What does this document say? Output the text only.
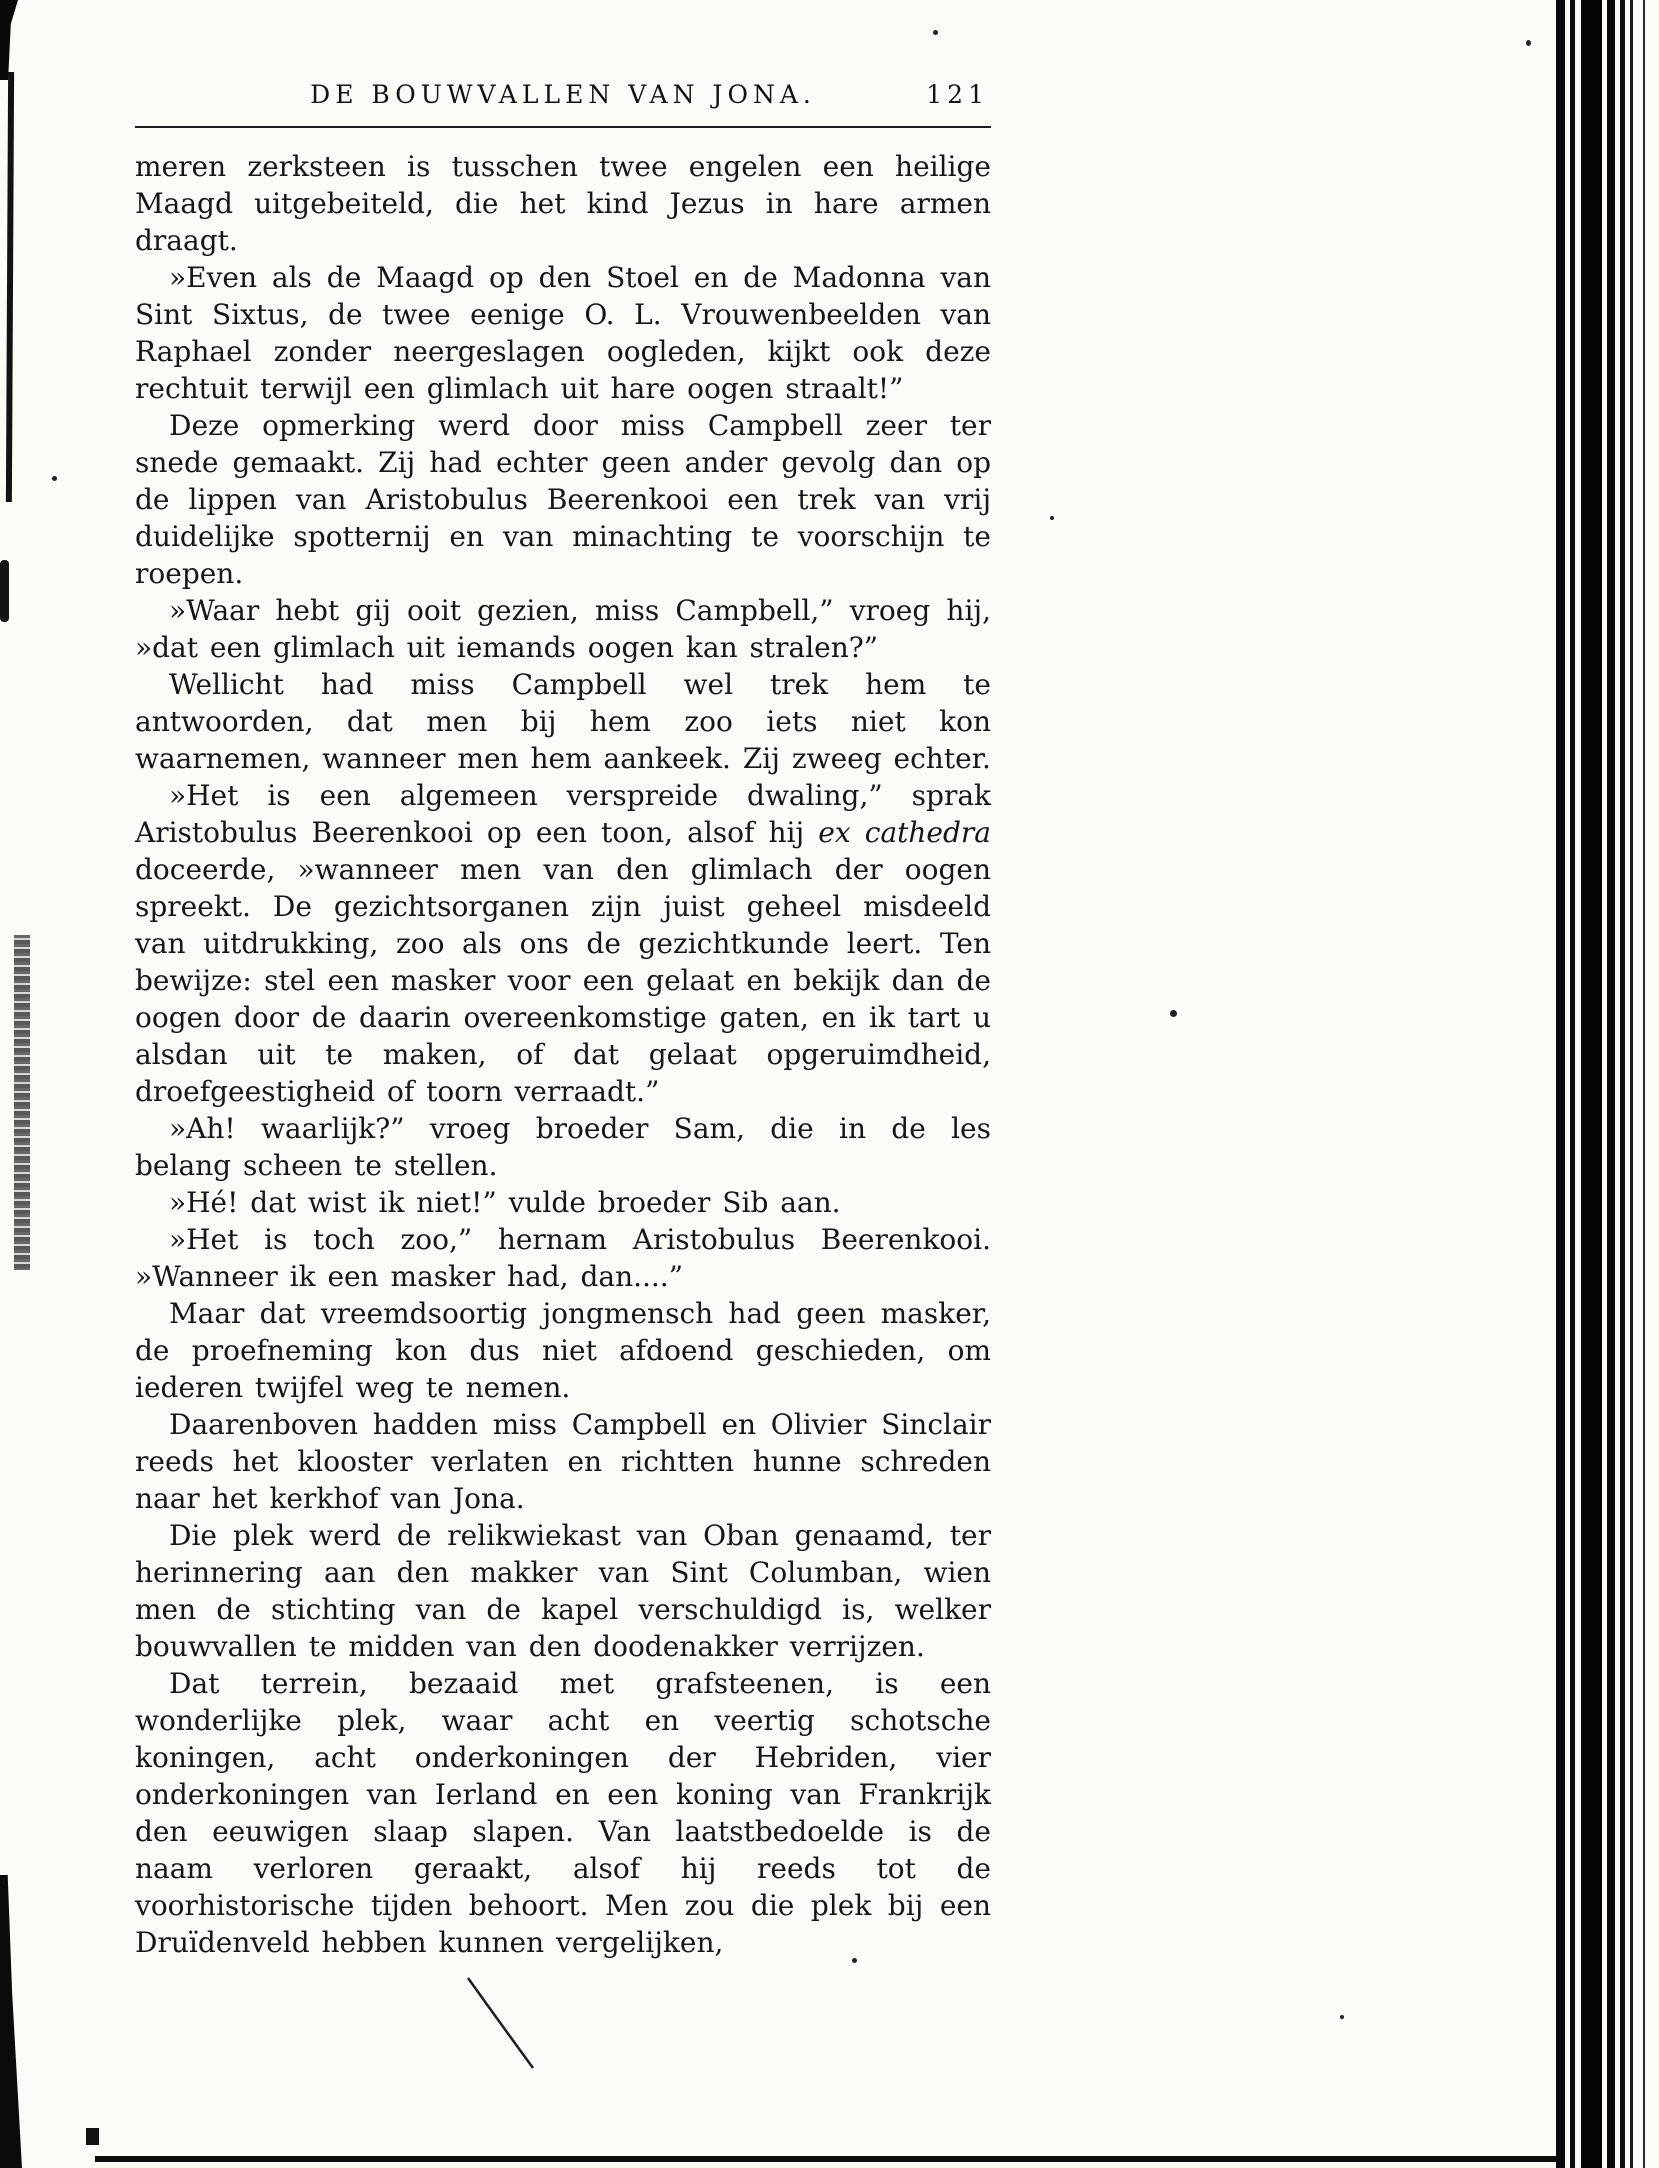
DE BOUWVALLEN VAN JONA.	121

meren zerksteen is tusschen twee engelen een heilige Maagd uitgebeiteld, die het kind Jezus in hare armen draagt.

»Even als de Maagd op den Stoel en de Madonna van Sint Sixtus, de twee eenige O. L. Vrouwenbeelden van Raphael zonder neergeslagen oogleden, kijkt ook deze rechtuit terwijl een glimlach uit hare oogen straalt!”

Deze opmerking werd door miss Campbell zeer ter snede gemaakt. Zij had echter geen ander gevolg dan op de lippen van Aristobulus Beerenkooi een trek van vrij duidelijke spotternij en van minachting te voorschijn te roepen.

»Waar hebt gij ooit gezien, miss Campbell,” vroeg hij, »dat een glimlach uit iemands oogen kan stralen?”

Wellicht had miss Campbell wel trek hem te antwoorden, dat men bij hem zoo iets niet kon waarnemen, wanneer men hem aankeek. Zij zweeg echter.

»Het is een algemeen verspreide dwaling,” sprak Aristobulus Beerenkooi op een toon, alsof hij ex cathedra doceerde, »wanneer men van den glimlach der oogen spreekt. De gezichtsorganen zijn juist geheel misdeeld van uitdrukking, zoo als ons de gezichtkunde leert. Ten bewijze: stel een masker voor een gelaat en bekijk dan de oogen door de daarin overeenkomstige gaten, en ik tart u alsdan uit te maken, of dat gelaat opgeruimdheid, droefgeestigheid of toorn verraadt.”

»Ah! waarlijk?” vroeg broeder Sam, die in de les belang scheen te stellen.

»Hé! dat wist ik niet!” vulde broeder Sib aan.

»Het is toch zoo,” hernam Aristobulus Beerenkooi. »Wanneer ik een masker had, dan....”

Maar dat vreemdsoortig jongmensch had geen masker, de proefneming kon dus niet afdoend geschieden, om iederen twijfel weg te nemen.

Daarenboven hadden miss Campbell en Olivier Sinclair reeds het klooster verlaten en richtten hunne schreden naar het kerkhof van Jona.

Die plek werd de relikwiekast van Oban genaamd, ter herinnering aan den makker van Sint Columban, wien men de stichting van de kapel verschuldigd is, welker bouwvallen te midden van den doodenakker verrijzen.

Dat terrein, bezaaid met grafsteenen, is een wonderlijke plek, waar acht en veertig schotsche koningen, acht onderkoningen der Hebriden, vier onderkoningen van Ierland en een koning van Frankrijk den eeuwigen slaap slapen. Van laatstbedoelde is de naam verloren geraakt, alsof hij reeds tot de voorhistorische tijden behoort. Men zou die plek bij een Druïdenveld hebben kunnen vergelijken,
